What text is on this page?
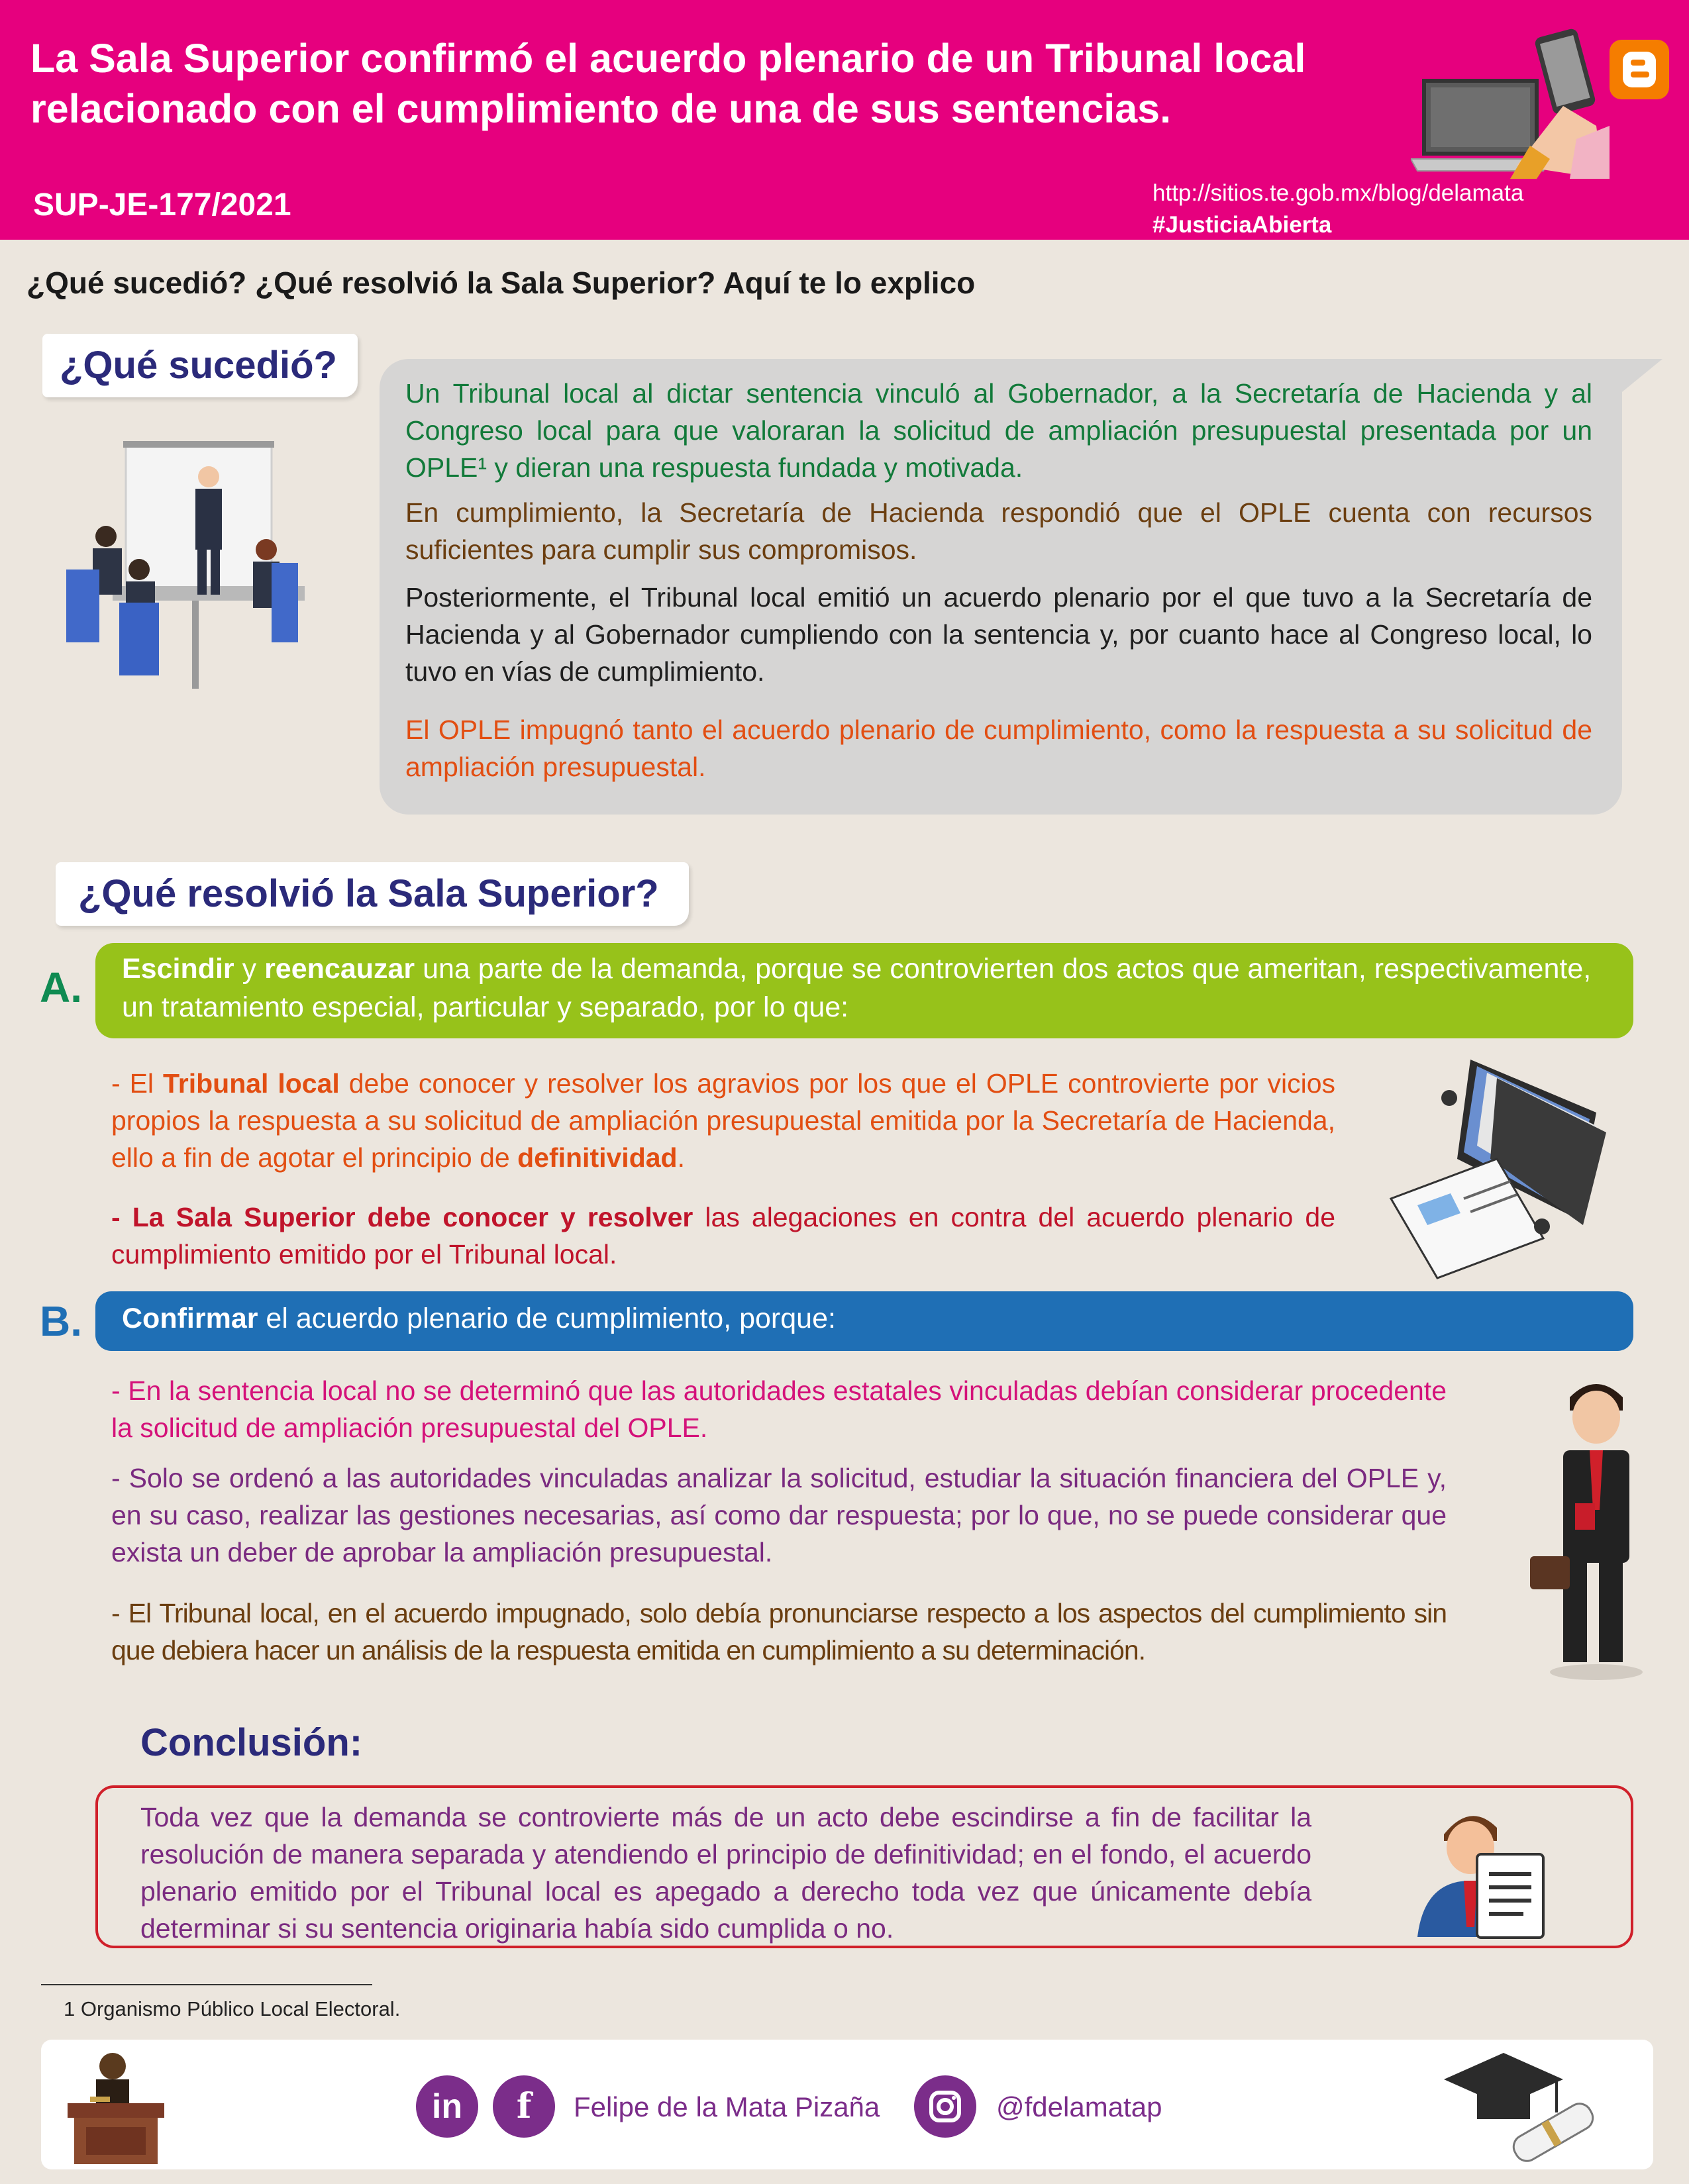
La Sala Superior confirmó el acuerdo plenario de un Tribunal local
relacionado con el cumplimiento de una de sus sentencias.
SUP-JE-177/2021	http://sitios.te.gob.mx/blog/delamata
#JusticiaAbierta
¿Qué sucedió? ¿Qué resolvió la Sala Superior? Aquí te lo explico
¿Qué sucedió?
Un Tribunal local al dictar sentencia vinculó al Gobernador, a la Secretaría de Hacienda y al Congreso local para que valoraran la solicitud de ampliación presupuestal presentada por un OPLE¹ y dieran una respuesta fundada y motivada.
En cumplimiento, la Secretaría de Hacienda respondió que el OPLE cuenta con recursos suficientes para cumplir sus compromisos.
Posteriormente, el Tribunal local emitió un acuerdo plenario por el que tuvo a la Secretaría de Hacienda y al Gobernador cumpliendo con la sentencia y, por cuanto hace al Congreso local, lo tuvo en vías de cumplimiento.
El OPLE impugnó tanto el acuerdo plenario de cumplimiento, como la respuesta a su solicitud de ampliación presupuestal.
¿Qué resolvió la Sala Superior?
A. Escindir y reencauzar una parte de la demanda, porque se controvierten dos actos que ameritan, respectivamente, un tratamiento especial, particular y separado, por lo que:
- El Tribunal local debe conocer y resolver los agravios por los que el OPLE controvierte por vicios propios la respuesta a su solicitud de ampliación presupuestal emitida por la Secretaría de Hacienda, ello a fin de agotar el principio de definitividad.
- La Sala Superior debe conocer y resolver las alegaciones en contra del acuerdo plenario de cumplimiento emitido por el Tribunal local.
B. Confirmar el acuerdo plenario de cumplimiento, porque:
- En la sentencia local no se determinó que las autoridades estatales vinculadas debían considerar procedente la solicitud de ampliación presupuestal del OPLE.
- Solo se ordenó a las autoridades vinculadas analizar la solicitud, estudiar la situación financiera del OPLE y, en su caso, realizar las gestiones necesarias, así como dar respuesta; por lo que, no se puede considerar que exista un deber de aprobar la ampliación presupuestal.
- El Tribunal local, en el acuerdo impugnado, solo debía pronunciarse respecto a los aspectos del cumplimiento sin que debiera hacer un análisis de la respuesta emitida en cumplimiento a su determinación.
Conclusión:
Toda vez que la demanda se controvierte más de un acto debe escindirse a fin de facilitar la resolución de manera separada y atendiendo el principio de definitividad; en el fondo, el acuerdo plenario emitido por el Tribunal local es apegado a derecho toda vez que únicamente debía determinar si su sentencia originaria había sido cumplida o no.
1 Organismo Público Local Electoral.
in	f	Felipe de la Mata Pizaña	@fdelamatap
